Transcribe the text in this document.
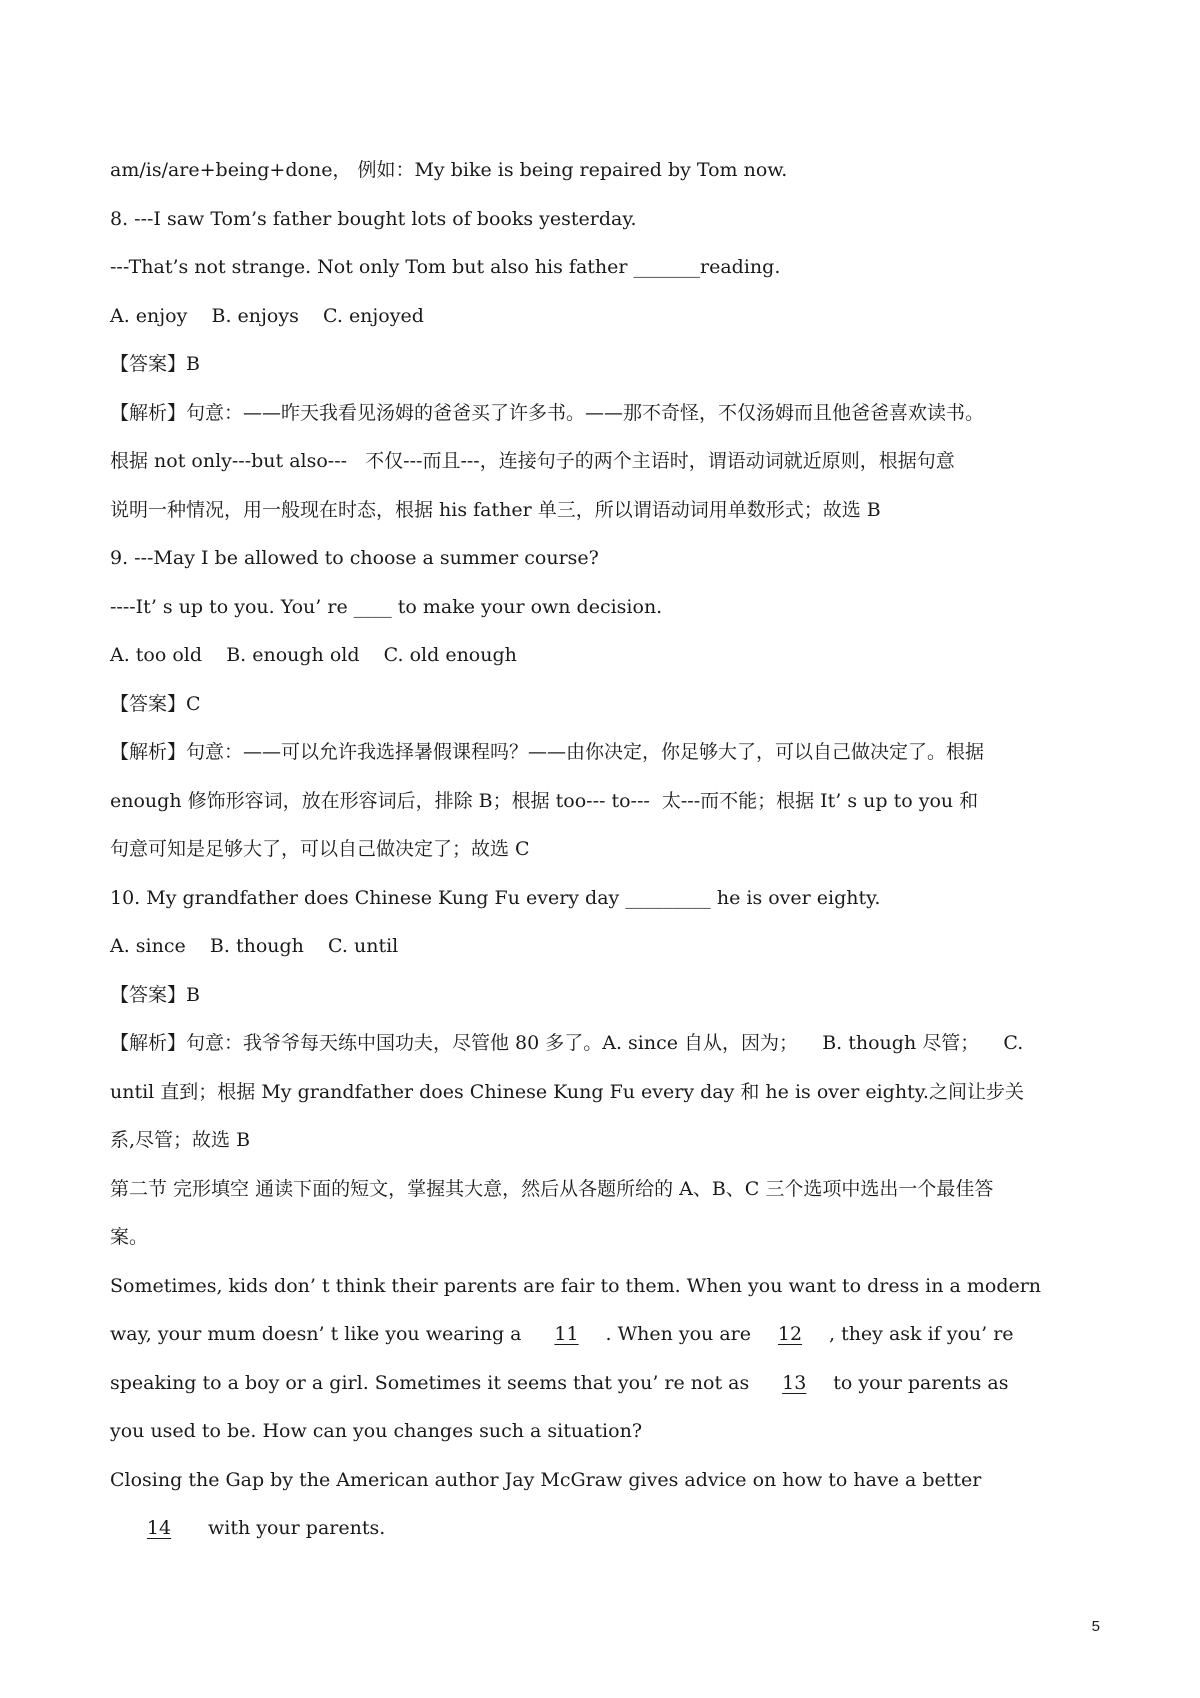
am/is/are+being+done， 例如：My bike is being repaired by Tom now.
8. ---I saw Tom’s father bought lots of books yesterday.
---That’s not strange. Not only Tom but also his father _______reading.
A. enjoy    B. enjoys    C. enjoyed
【答案】B
【解析】句意：——昨天我看见汤姆的爸爸买了许多书。——那不奇怪，不仅汤姆而且他爸爸喜欢读书。
根据 not only---but also---   不仅---而且---，连接句子的两个主语时，谓语动词就近原则，根据句意
说明一种情况，用一般现在时态，根据 his father 单三，所以谓语动词用单数形式；故选 B
9. ---May I be allowed to choose a summer course?
----It’ s up to you. You’ re ____ to make your own decision.
A. too old    B. enough old    C. old enough
【答案】C
【解析】句意：——可以允许我选择暑假课程吗？——由你决定，你足够大了，可以自己做决定了。根据
enough 修饰形容词，放在形容词后，排除 B；根据 too--- to---  太---而不能；根据 It’ s up to you 和
句意可知是足够大了，可以自己做决定了；故选 C
10. My grandfather does Chinese Kung Fu every day _________ he is over eighty.
A. since    B. though    C. until
【答案】B
【解析】句意：我爷爷每天练中国功夫，尽管他 80 多了。A. since 自从，因为；    B. though 尽管；    C.
until 直到；根据 My grandfather does Chinese Kung Fu every day 和 he is over eighty.之间让步关
系,尽管；故选 B
第二节 完形填空 通读下面的短文，掌握其大意，然后从各题所给的 A、B、C 三个选项中选出一个最佳答
案。
Sometimes, kids don’ t think their parents are fair to them. When you want to dress in a modern
way, your mum doesn’ t like you wearing a 11 . When you are 12 , they ask if you’ re
speaking to a boy or a girl. Sometimes it seems that you’ re not as 13 to your parents as
you used to be. How can you changes such a situation?
Closing the Gap by the American author Jay McGraw gives advice on how to have a better
14 with your parents.
5
